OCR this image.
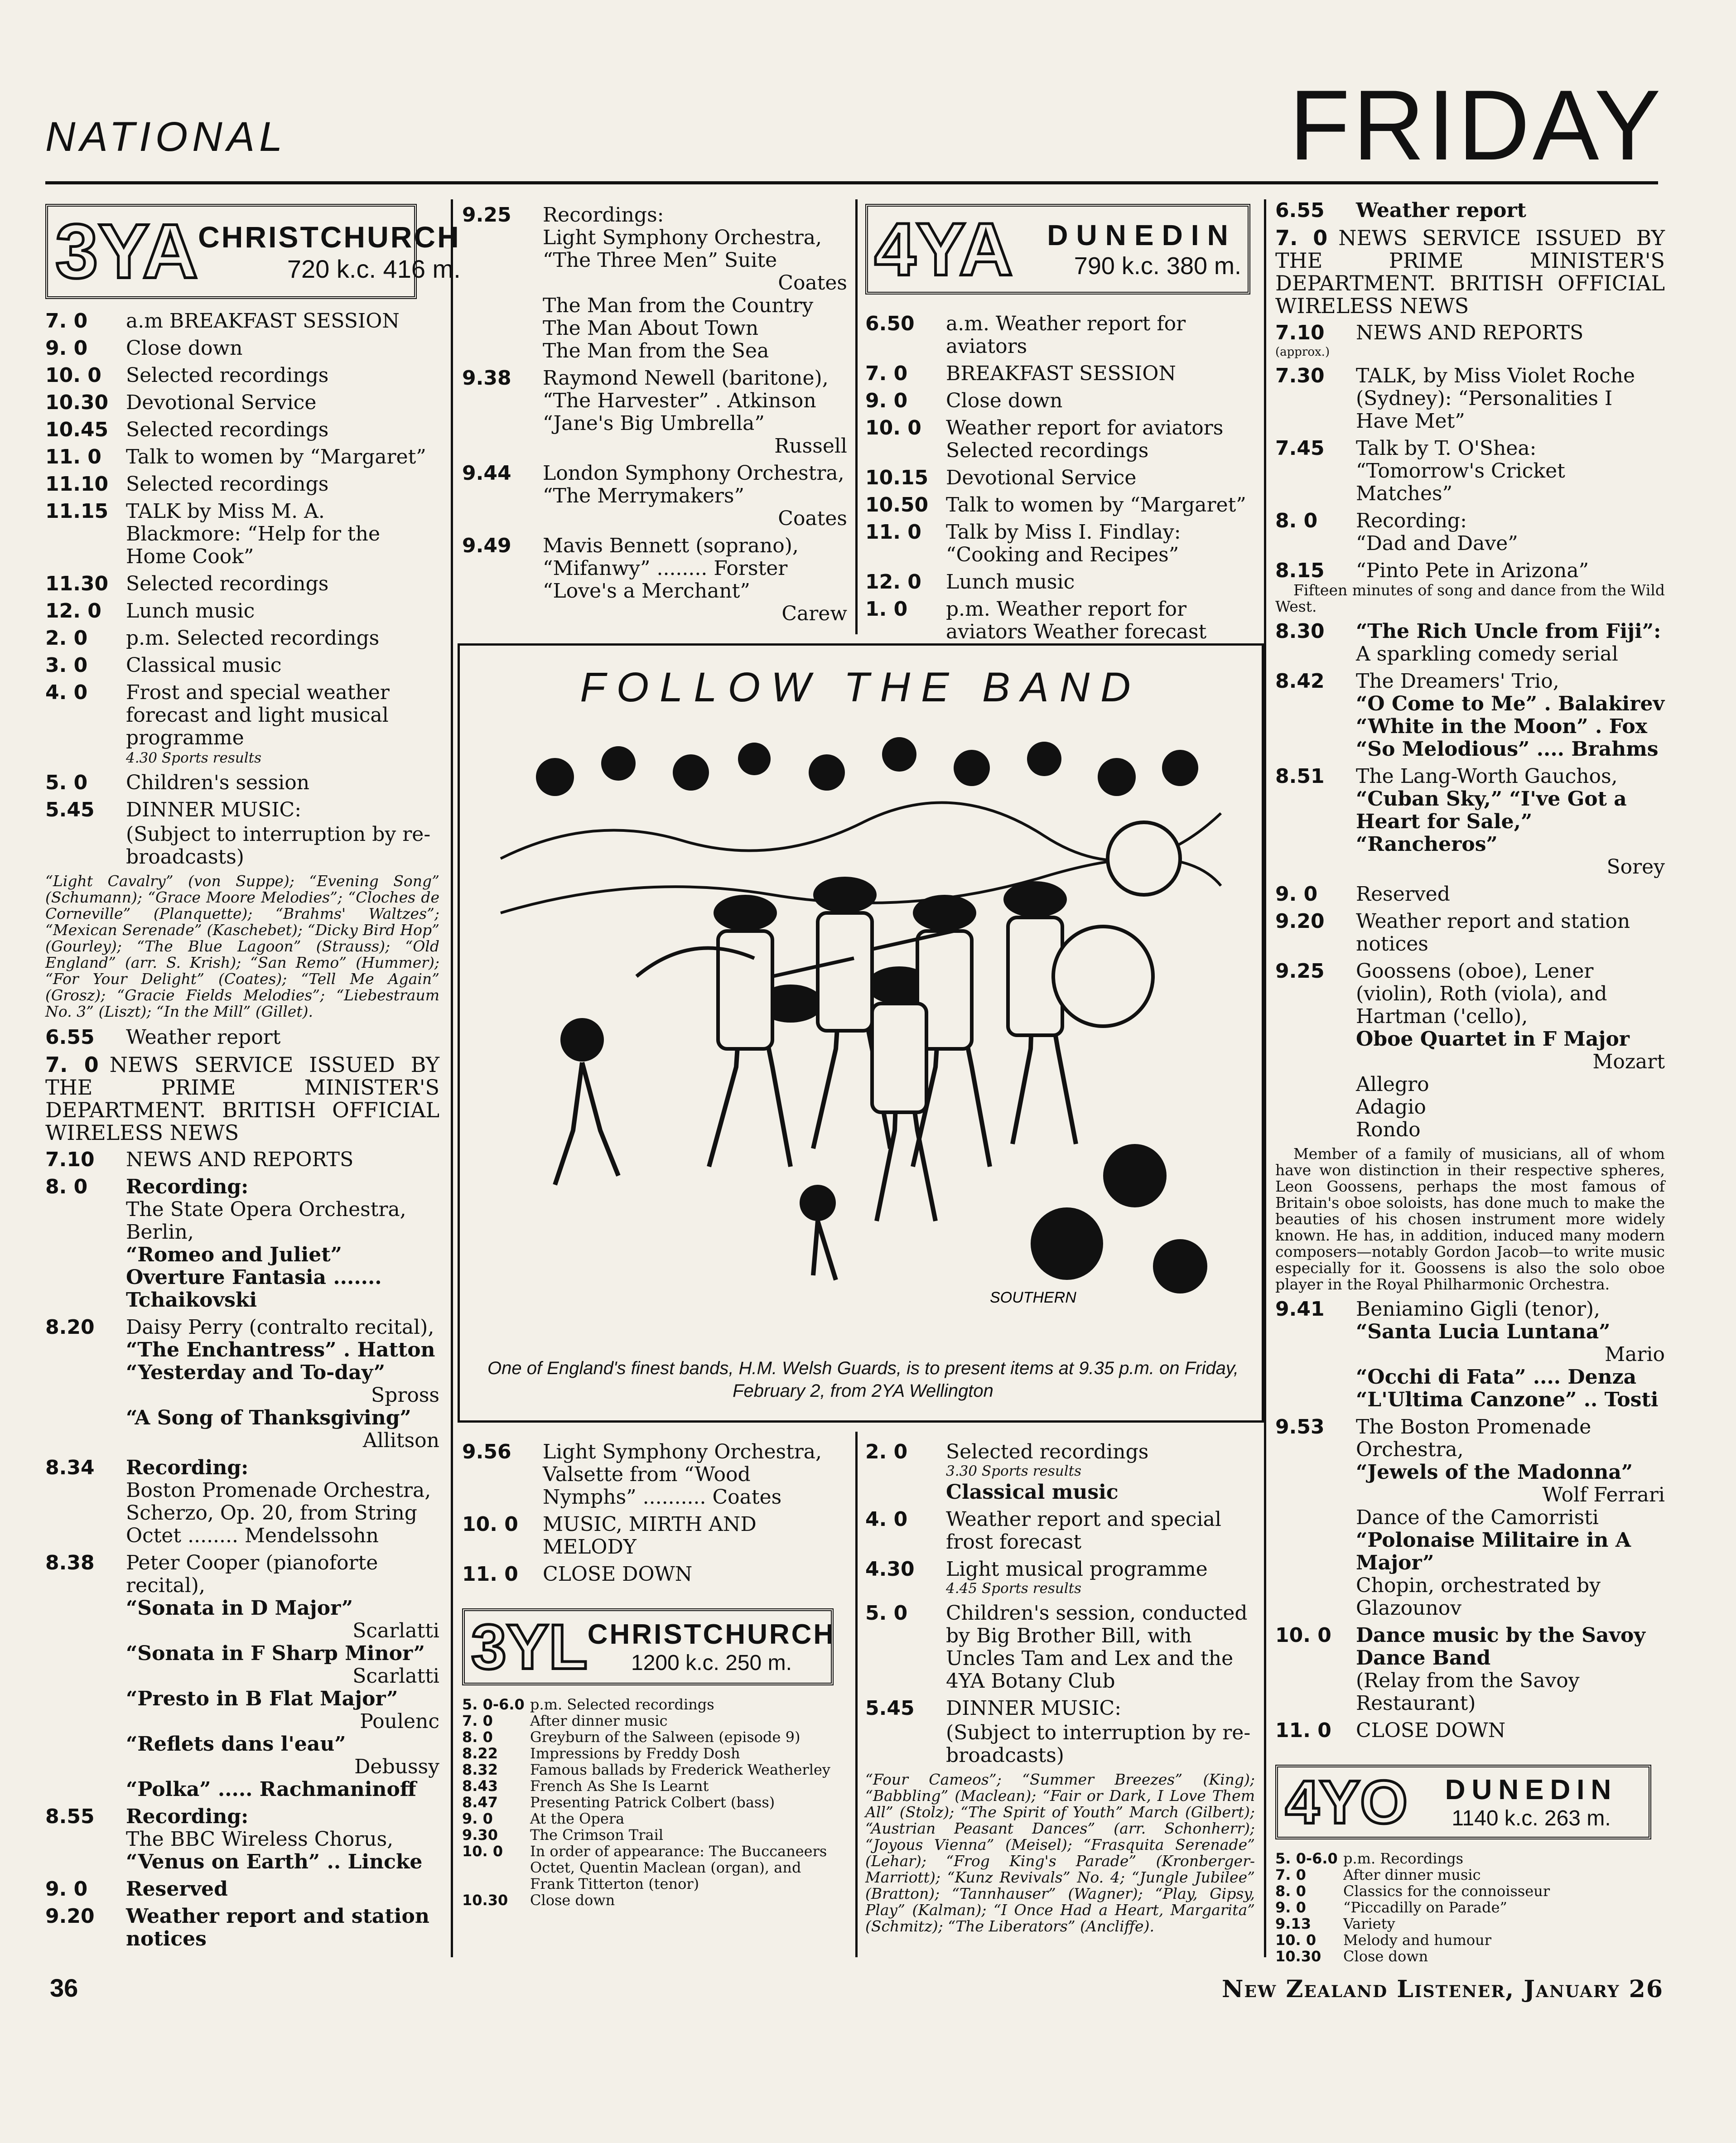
NATIONAL	FRIDAY
3YA CHRISTCHURCH
720 k.c. 416 m.
7. 0	a.m BREAKFAST SESSION
9. 0	Close down
10. 0	Selected recordings
10.30 Devotional Service
10.45 Selected recordings
11. 0	Talk to women by “Margaret”
11.10 Selected recordings
11.15 TALK by Miss M. A. Blackmore: “Help for the Home Cook”
11.30 Selected recordings
12. 0	Lunch music
2. 0	p.m. Selected recordings
3. 0	Classical music
4. 0	Frost and special weather forecast and light musical programme
4.30 Sports results
5. 0	Children's session
5.45	DINNER MUSIC:
(Subject to interruption by re-broadcasts)
“Light Cavalry” (von Suppe); “Evening Song” (Schumann); “Grace Moore Melodies”; “Cloches de Corneville” (Planquette); “Brahms' Waltzes”; “Mexican Serenade” (Kaschebet); “Dicky Bird Hop” (Gourley); “The Blue Lagoon” (Strauss); “Old England” (arr. S. Krish); “San Remo” (Hummer); “For Your Delight” (Coates); “Tell Me Again” (Grosz); “Gracie Fields Melodies”; “Liebestraum No. 3” (Liszt); “In the Mill” (Gillet).
6.55	Weather report
7. 0 NEWS SERVICE ISSUED BY THE PRIME MINISTER'S DEPARTMENT. BRITISH OFFICIAL WIRELESS NEWS
7.10	NEWS AND REPORTS
8. 0	Recording:
The State Opera Orchestra, Berlin,
“Romeo and Juliet” Overture Fantasia ....... Tchaikovski
8.20	Daisy Perry (contralto recital),
“The Enchantress” . Hatton
“Yesterday and To-day”
Spross
“A Song of Thanksgiving”
Allitson
8.34	Recording:
Boston Promenade Orchestra, Scherzo, Op. 20, from String Octet ........ Mendelssohn
8.38	Peter Cooper (pianoforte recital),
“Sonata in D Major”
Scarlatti
“Sonata in F Sharp Minor”
Scarlatti
“Presto in B Flat Major”
Poulenc
“Reflets dans l'eau”
Debussy
“Polka” ..... Rachmaninoff
8.55	Recording:
The BBC Wireless Chorus,
“Venus on Earth” .. Lincke
9. 0	Reserved
9.20	Weather report and station notices
9.25	Recordings:
Light Symphony Orchestra,
“The Three Men” Suite
Coates
The Man from the Country
The Man About Town
The Man from the Sea
9.38	Raymond Newell (baritone),
“The Harvester” . Atkinson
“Jane's Big Umbrella”
Russell
9.44	London Symphony Orchestra,
“The Merrymakers”
Coates
9.49	Mavis Bennett (soprano),
“Mifanwy” ........ Forster
“Love's a Merchant”
Carew
4YA	DUNEDIN
790 k.c. 380 m.
6.50	a.m. Weather report for aviators
7. 0	BREAKFAST SESSION
9. 0	Close down
10. 0	Weather report for aviators Selected recordings
10.15 Devotional Service
10.50 Talk to women by “Margaret”
11. 0	Talk by Miss I. Findlay: “Cooking and Recipes”
12. 0	Lunch music
1. 0	p.m. Weather report for aviators Weather forecast
FOLLOW THE BAND
SOUTHERN
One of England's finest bands, H.M. Welsh Guards, is to present items at 9.35 p.m. on Friday, February 2, from 2YA Wellington
9.56	Light Symphony Orchestra, Valsette from “Wood Nymphs” .......... Coates
10. 0	MUSIC, MIRTH AND MELODY
11. 0	CLOSE DOWN
3YL CHRISTCHURCH
1200 k.c. 250 m.
5. 0-6.0 p.m. Selected recordings
7. 0	After dinner music
8. 0	Greyburn of the Salween (episode 9)
8.22	Impressions by Freddy Dosh
8.32	Famous ballads by Frederick Weatherley
8.43	French As She Is Learnt
8.47	Presenting Patrick Colbert (bass)
9. 0	At the Opera
9.30	The Crimson Trail
10. 0	In order of appearance: The Buccaneers Octet, Quentin Maclean (organ), and Frank Titterton (tenor)
10.30	Close down
2. 0	Selected recordings
3.30 Sports results
Classical music
4. 0	Weather report and special frost forecast
4.30	Light musical programme
4.45 Sports results
5. 0	Children's session, conducted by Big Brother Bill, with Uncles Tam and Lex and the 4YA Botany Club
5.45	DINNER MUSIC:
(Subject to interruption by re-broadcasts)
“Four Cameos”; “Summer Breezes” (King); “Babbling” (Maclean); “Fair or Dark, I Love Them All” (Stolz); “The Spirit of Youth” March (Gilbert); “Austrian Peasant Dances” (arr. Schonherr); “Joyous Vienna” (Meisel); “Frasquita Serenade” (Lehar); “Frog King's Parade” (Kronberger-Marriott); “Kunz Revivals” No. 4; “Jungle Jubilee” (Bratton); “Tannhauser” (Wagner); “Play, Gipsy, Play” (Kalman); “I Once Had a Heart, Margarita” (Schmitz); “The Liberators” (Ancliffe).
6.55	Weather report
7. 0 NEWS SERVICE ISSUED BY THE PRIME MINISTER'S DEPARTMENT. BRITISH OFFICIAL WIRELESS NEWS
7.10	NEWS AND REPORTS
(approx.)
7.30	TALK, by Miss Violet Roche (Sydney): “Personalities I Have Met”
7.45	Talk by T. O'Shea: “Tomorrow's Cricket Matches”
8. 0	Recording:
“Dad and Dave”
8.15	“Pinto Pete in Arizona”
Fifteen minutes of song and dance from the Wild West.
8.30	“The Rich Uncle from Fiji”:
A sparkling comedy serial
8.42	The Dreamers' Trio,
“O Come to Me” . Balakirev
“White in the Moon” . Fox
“So Melodious” .... Brahms
8.51	The Lang-Worth Gauchos,
“Cuban Sky,” “I've Got a Heart for Sale,” “Rancheros”
Sorey
9. 0	Reserved
9.20	Weather report and station notices
9.25	Goossens (oboe), Lener (violin), Roth (viola), and Hartman ('cello),
Oboe Quartet in F Major
Mozart
Allegro
Adagio
Rondo
Member of a family of musicians, all of whom have won distinction in their respective spheres, Leon Goossens, perhaps the most famous of Britain's oboe soloists, has done much to make the beauties of his chosen instrument more widely known. He has, in addition, induced many modern composers—notably Gordon Jacob—to write music especially for it. Goossens is also the solo oboe player in the Royal Philharmonic Orchestra.
9.41	Beniamino Gigli (tenor),
“Santa Lucia Luntana”
Mario
“Occhi di Fata” .... Denza
“L'Ultima Canzone” .. Tosti
9.53	The Boston Promenade Orchestra,
“Jewels of the Madonna”
Wolf Ferrari
Dance of the Camorristi
“Polonaise Militaire in A Major”
Chopin, orchestrated by Glazounov
10. 0	Dance music by the Savoy Dance Band
(Relay from the Savoy Restaurant)
11. 0	CLOSE DOWN
4YO	DUNEDIN
1140 k.c. 263 m.
5. 0-6.0 p.m. Recordings
7. 0	After dinner music
8. 0	Classics for the connoisseur
9. 0	“Piccadilly on Parade”
9.13	Variety
10. 0	Melody and humour
10.30	Close down
36	New Zealand Listener, January 26
